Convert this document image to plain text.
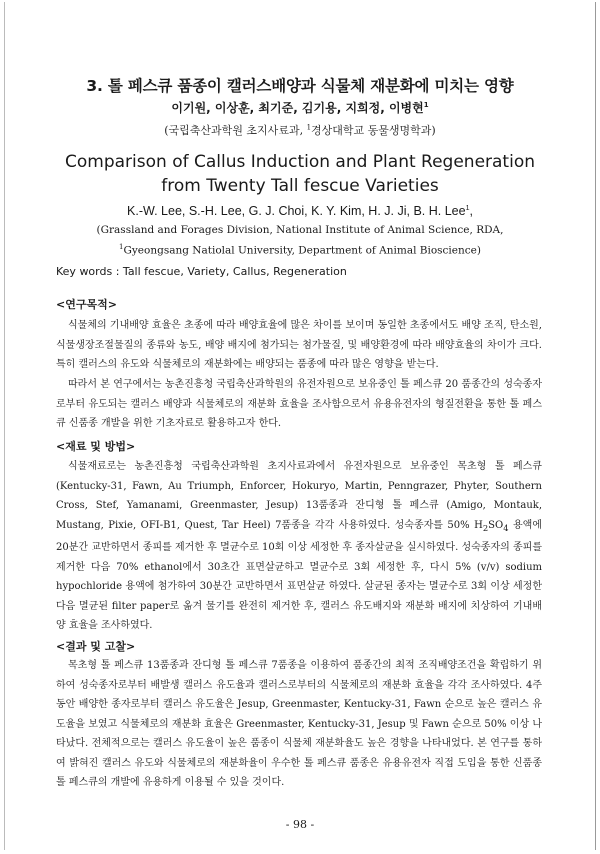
3. 톨 페스큐 품종이 캘러스배양과 식물체 재분화에 미치는 영향
이기원, 이상훈, 최기준, 김기용, 지희정, 이병현$^1$
(국립축산과학원 초지사료과, $^1$경상대학교 동물생명학과)
Comparison of Callus Induction and Plant Regeneration
from Twenty Tall fescue Varieties
K.-W. Lee, S.-H. Lee, G. J. Choi, K. Y. Kim, H. J. Ji, B. H. Lee$^1$,
(Grassland and Forages Division, National Institute of Animal Science, RDA,
$^1$Gyeongsang Natiolal University, Department of Animal Bioscience)
Key words : Tall fescue, Variety, Callus, Regeneration
<연구목적>
식물체의 기내배양 효율은 초종에 따라 배양효율에 많은 차이를 보이며 동일한 초종에서도 배양 조직, 탄소원, 식물생장조절물질의 종류와 농도, 배양 배지에 첨가되는 첨가물질, 및 배양환경에 따라 배양효율의 차이가 크다. 특히 캘러스의 유도와 식물체로의 재분화에는 배양되는 품종에 따라 많은 영향을 받는다.
따라서 본 연구에서는 농촌진흥청 국립축산과학원의 유전자원으로 보유중인 톨 페스큐 20 품종간의 성숙종자로부터 유도되는 캘러스 배양과 식물체로의 재분화 효율을 조사함으로서 유용유전자의 형질전환을 통한 톨 페스큐 신품종 개발을 위한 기초자료로 활용하고자 한다.
<재료 및 방법>
식물재료로는 농촌진흥청 국립축산과학원 초지사료과에서 유전자원으로 보유중인 목초형 톨 페스큐 (Kentucky-31, Fawn, Au Triumph, Enforcer, Hokuryo, Martin, Penngrazer, Phyter, Southern Cross, Stef, Yamanami, Greenmaster, Jesup) 13품종과 잔디형 톨 페스큐 (Amigo, Montauk, Mustang, Pixie, OFI-B1, Quest, Tar Heel) 7품종을 각각 사용하였다. 성숙종자를 50% $H_2SO_4$ 용액에 20분간 교반하면서 종피를 제거한 후 멸균수로 10회 이상 세정한 후 종자살균을 실시하였다. 성숙종자의 종피를 제거한 다음 70% ethanol에서 30초간 표면살균하고 멸균수로 3회 세정한 후, 다시 5% (v/v) sodium hypochloride 용액에 첨가하여 30분간 교반하면서 표면살균 하였다. 살균된 종자는 멸균수로 3회 이상 세정한 다음 멸균된 filter paper로 옮겨 물기를 완전히 제거한 후, 캘러스 유도배지와 재분화 배지에 치상하여 기내배양 효율을 조사하였다.
<결과 및 고찰>
목초형 톨 페스큐 13품종과 잔디형 톨 페스큐 7품종을 이용하여 품종간의 최적 조직배양조건을 확립하기 위하여 성숙종자로부터 배발생 캘러스 유도율과 캘러스로부터의 식물체로의 재분화 효율을 각각 조사하였다. 4주 동안 배양한 종자로부터 캘러스 유도율은 Jesup, Greenmaster, Kentucky-31, Fawn 순으로 높은 캘러스 유도율을 보였고 식물체로의 재분화 효율은 Greenmaster, Kentucky-31, Jesup 및 Fawn 순으로 50% 이상 나타났다. 전체적으로는 캘러스 유도율이 높은 품종이 식물체 재분화율도 높은 경향을 나타내었다. 본 연구를 통하여 밝혀진 캘러스 유도와 식물체로의 재분화율이 우수한 톨 페스큐 품종은 유용유전자 직접 도입을 통한 신품종 톨 페스큐의 개발에 유용하게 이용될 수 있을 것이다.
- 98 -
